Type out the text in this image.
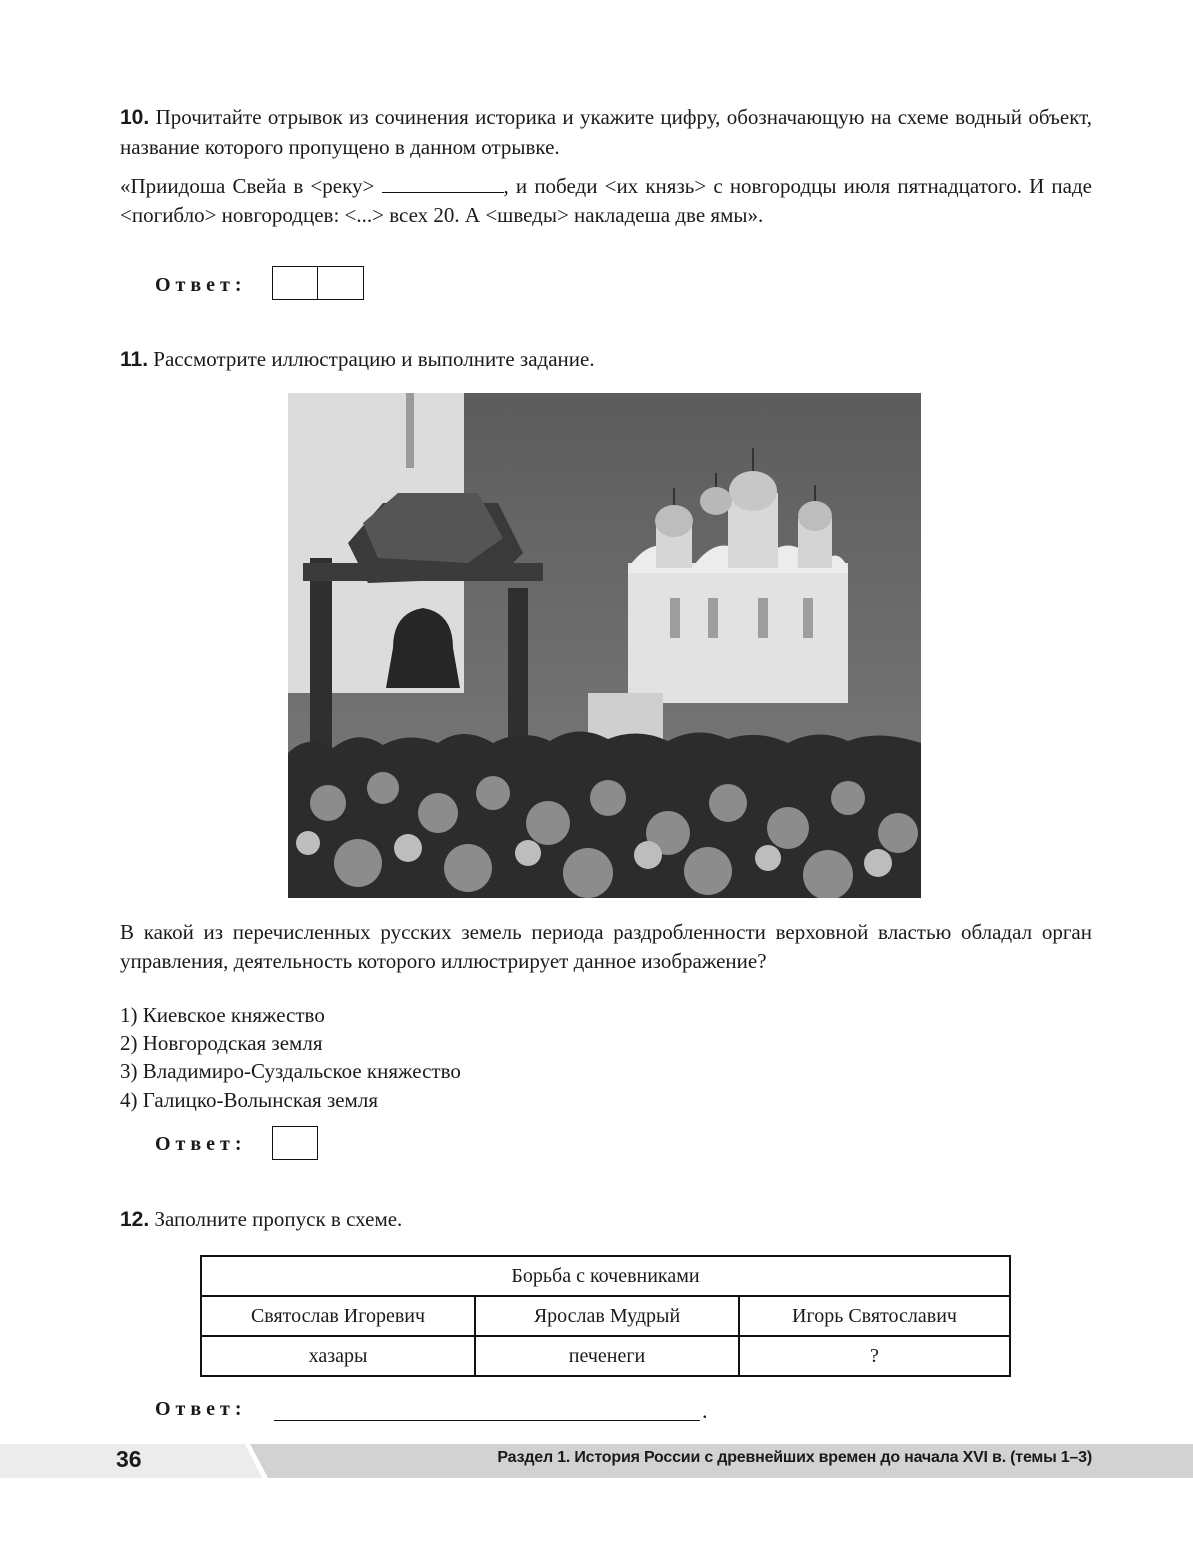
10. Прочитайте отрывок из сочинения историка и укажите цифру, обозначающую на схеме водный объект, название которого пропущено в данном отрывке.
«Приидоша Свейа в <реку>	, и победи <их князь> с новгородцы июля пятнадцатого. И паде <погибло> новгородцев: <...> всех 20. А <шведы> накладеша две ямы».
Ответ:
11. Рассмотрите иллюстрацию и выполните задание.
В какой из перечисленных русских земель периода раздробленности верховной властью обладал орган управления, деятельность которого иллюстрирует данное изображение?
1) Киевское княжество
2) Новгородская земля
3) Владимиро-Суздальское княжество
4) Галицко-Волынская земля
Ответ:
12. Заполните пропуск в схеме.
Борьба с кочевниками		
Святослав Игоревич	Ярослав Мудрый	Игорь Святославич
хазары	печенеги	?
Ответ:	.
36	Раздел 1. История России с древнейших времен до начала XVI в. (темы 1–3)
